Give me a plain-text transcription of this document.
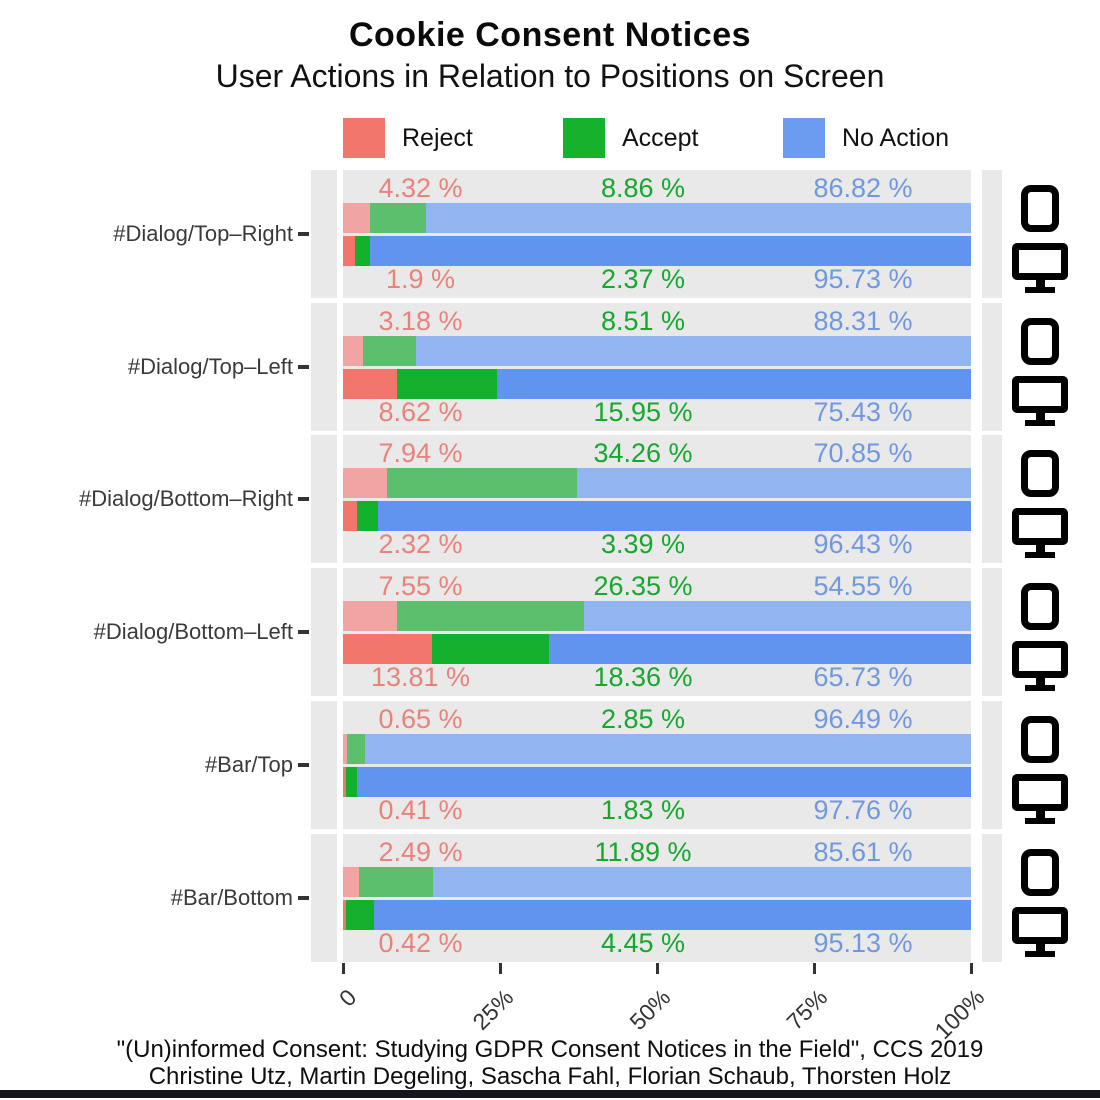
Cookie Consent Notices
User Actions in Relation to Positions on Screen
Reject	Accept	No Action
#Dialog/Top–Right
4.32 %	8.86 %	86.82 %
1.9 %	2.37 %	95.73 %
#Dialog/Top–Left
3.18 %	8.51 %	88.31 %
8.62 %	15.95 %	75.43 %
#Dialog/Bottom–Right
7.94 %	34.26 %	70.85 %
2.32 %	3.39 %	96.43 %
#Dialog/Bottom–Left
7.55 %	26.35 %	54.55 %
13.81 %	18.36 %	65.73 %
#Bar/Top
0.65 %	2.85 %	96.49 %
0.41 %	1.83 %	97.76 %
#Bar/Bottom
2.49 %	11.89 %	85.61 %
0.42 %	4.45 %	95.13 %
0	25%	50%	75%	100%
"(Un)informed Consent: Studying GDPR Consent Notices in the Field", CCS 2019
Christine Utz, Martin Degeling, Sascha Fahl, Florian Schaub, Thorsten Holz
